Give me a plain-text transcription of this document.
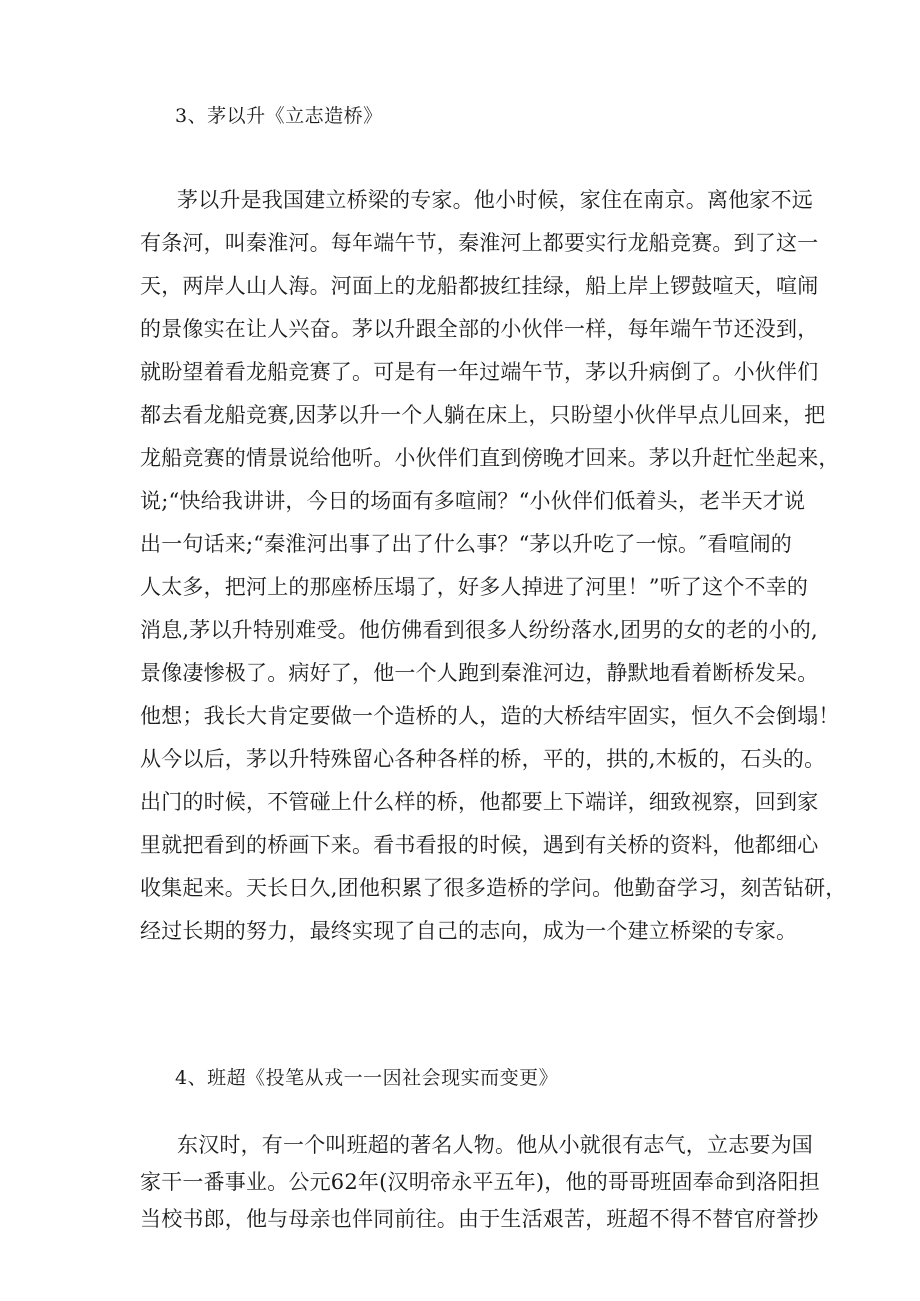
3、茅以升《立志造桥》
茅以升是我国建立桥梁的专家。他小时候，家住在南京。离他家不远
有条河，叫秦淮河。每年端午节，秦淮河上都要实行龙船竞赛。到了这一
天，两岸人山人海。河面上的龙船都披红挂绿，船上岸上锣鼓喧天，喧闹
的景像实在让人兴奋。茅以升跟全部的小伙伴一样，每年端午节还没到，
就盼望着看龙船竞赛了。可是有一年过端午节，茅以升病倒了。小伙伴们
都去看龙船竞赛,因茅以升一个人躺在床上，只盼望小伙伴早点儿回来，把
龙船竞赛的情景说给他听。小伙伴们直到傍晚才回来。茅以升赶忙坐起来，
说;“快给我讲讲，今日的场面有多喧闹？“小伙伴们低着头，老半天才说
出一句话来;“秦淮河出事了出了什么事？“茅以升吃了一惊。″看喧闹的
人太多，把河上的那座桥压塌了，好多人掉进了河里！”听了这个不幸的
消息,茅以升特别难受。他仿佛看到很多人纷纷落水,团男的女的老的小的,
景像凄惨极了。病好了，他一个人跑到秦淮河边，静默地看着断桥发呆。
他想；我长大肯定要做一个造桥的人，造的大桥结牢固实，恒久不会倒塌！
从今以后，茅以升特殊留心各种各样的桥，平的，拱的,木板的，石头的。
出门的时候，不管碰上什么样的桥，他都要上下端详，细致视察，回到家
里就把看到的桥画下来。看书看报的时候，遇到有关桥的资料，他都细心
收集起来。天长日久,团他积累了很多造桥的学问。他勤奋学习，刻苦钻研，
经过长期的努力，最终实现了自己的志向，成为一个建立桥梁的专家。
4、班超《投笔从戎一一因社会现实而变更》
东汉时，有一个叫班超的著名人物。他从小就很有志气，立志要为国
家干一番事业。公元62年(汉明帝永平五年)，他的哥哥班固奉命到洛阳担
当校书郎，他与母亲也伴同前往。由于生活艰苦，班超不得不替官府誉抄
